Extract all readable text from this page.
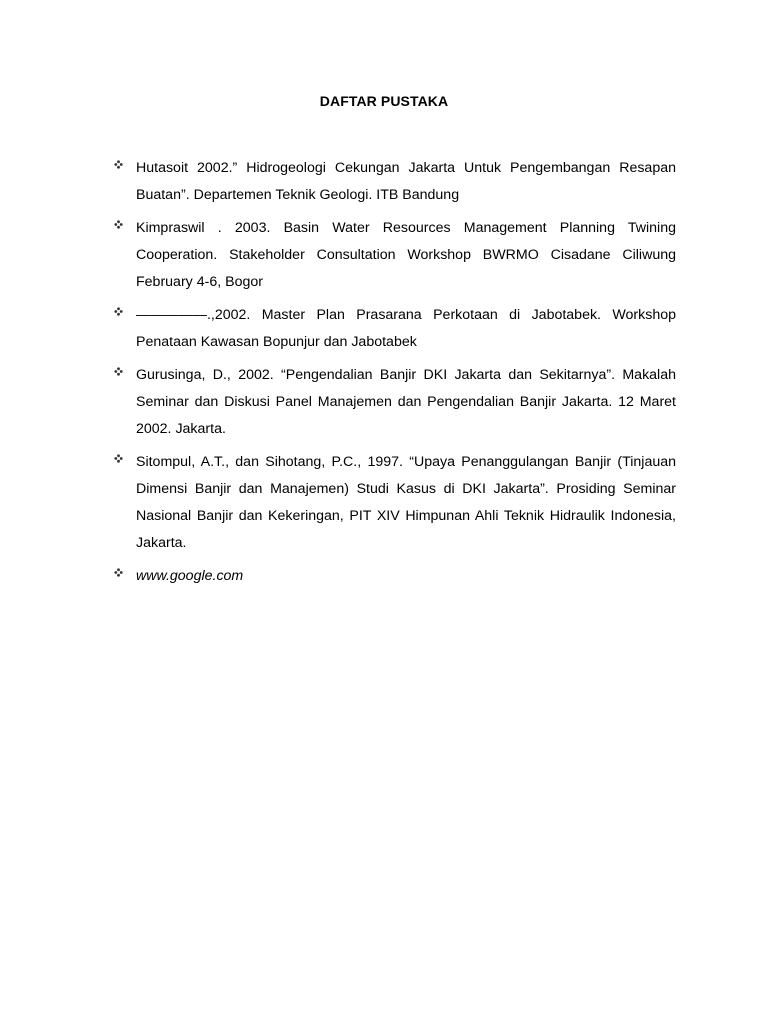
DAFTAR PUSTAKA
Hutasoit 2002.” Hidrogeologi Cekungan Jakarta Untuk Pengembangan Resapan Buatan”. Departemen Teknik Geologi. ITB Bandung
Kimpraswil . 2003. Basin Water Resources Management Planning Twining Cooperation. Stakeholder Consultation Workshop BWRMO Cisadane Ciliwung February 4-6, Bogor
—————.,2002. Master Plan Prasarana Perkotaan di Jabotabek. Workshop Penataan Kawasan Bopunjur dan Jabotabek
Gurusinga, D., 2002. “Pengendalian Banjir DKI Jakarta dan Sekitarnya”. Makalah Seminar dan Diskusi Panel Manajemen dan Pengendalian Banjir Jakarta. 12 Maret 2002. Jakarta.
Sitompul, A.T., dan Sihotang, P.C., 1997. “Upaya Penanggulangan Banjir (Tinjauan Dimensi Banjir dan Manajemen) Studi Kasus di DKI Jakarta”. Prosiding Seminar Nasional Banjir dan Kekeringan, PIT XIV Himpunan Ahli Teknik Hidraulik Indonesia, Jakarta.
www.google.com
